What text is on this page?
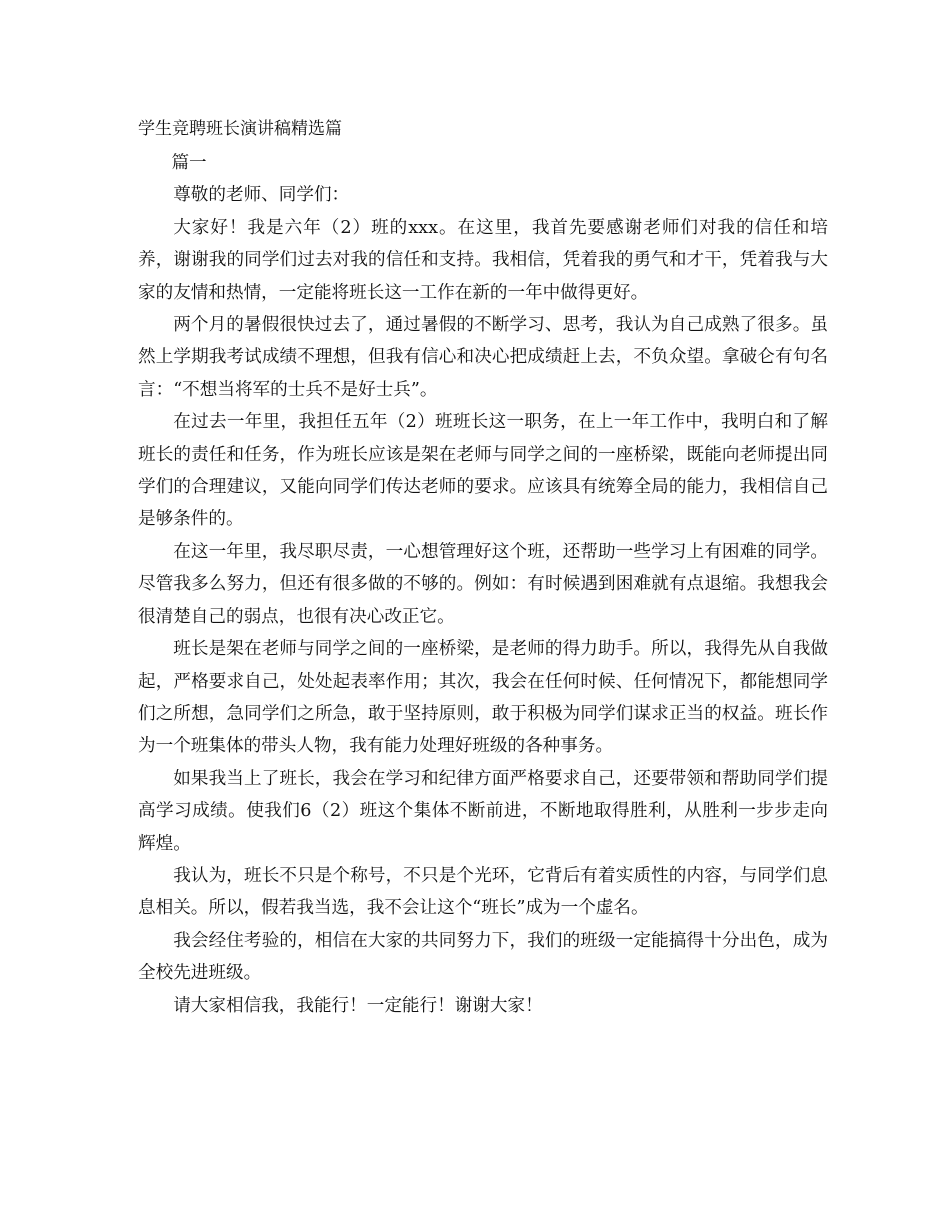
学生竞聘班长演讲稿精选篇

篇一

尊敬的老师、同学们：

大家好！我是六年（2）班的xxx。在这里，我首先要感谢老师们对我的信任和培养，谢谢我的同学们过去对我的信任和支持。我相信，凭着我的勇气和才干，凭着我与大家的友情和热情，一定能将班长这一工作在新的一年中做得更好。

两个月的暑假很快过去了，通过暑假的不断学习、思考，我认为自己成熟了很多。虽然上学期我考试成绩不理想，但我有信心和决心把成绩赶上去，不负众望。拿破仑有句名言：“不想当将军的士兵不是好士兵”。

在过去一年里，我担任五年（2）班班长这一职务，在上一年工作中，我明白和了解班长的责任和任务，作为班长应该是架在老师与同学之间的一座桥梁，既能向老师提出同学们的合理建议，又能向同学们传达老师的要求。应该具有统筹全局的能力，我相信自己是够条件的。

在这一年里，我尽职尽责，一心想管理好这个班，还帮助一些学习上有困难的同学。尽管我多么努力，但还有很多做的不够的。例如：有时候遇到困难就有点退缩。我想我会很清楚自己的弱点，也很有决心改正它。

班长是架在老师与同学之间的一座桥梁，是老师的得力助手。所以，我得先从自我做起，严格要求自己，处处起表率作用；其次，我会在任何时候、任何情况下，都能想同学们之所想，急同学们之所急，敢于坚持原则，敢于积极为同学们谋求正当的权益。班长作为一个班集体的带头人物，我有能力处理好班级的各种事务。

如果我当上了班长，我会在学习和纪律方面严格要求自己，还要带领和帮助同学们提高学习成绩。使我们6（2）班这个集体不断前进，不断地取得胜利，从胜利一步步走向辉煌。

我认为，班长不只是个称号，不只是个光环，它背后有着实质性的内容，与同学们息息相关。所以，假若我当选，我不会让这个“班长”成为一个虚名。

我会经住考验的，相信在大家的共同努力下，我们的班级一定能搞得十分出色，成为全校先进班级。

请大家相信我，我能行！一定能行！谢谢大家！
